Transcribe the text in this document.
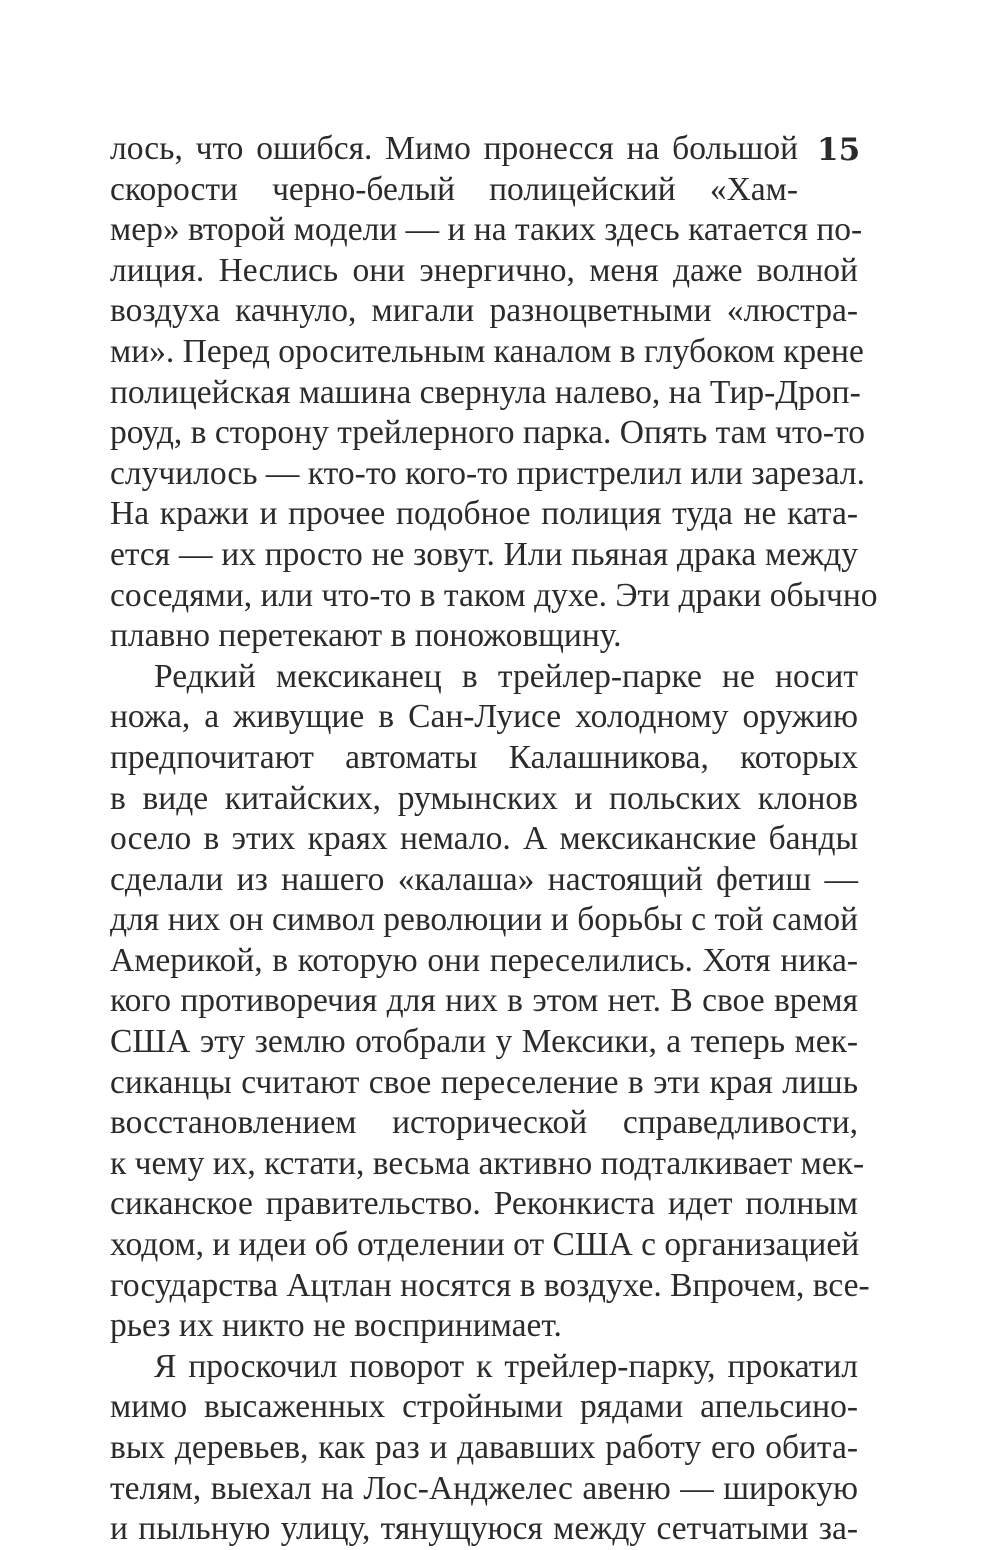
15
лось, что ошибся. Мимо пронесся на большой
скорости черно-белый полицейский «Хам-
мер» второй модели — и на таких здесь катается по-
лиция. Неслись они энергично, меня даже волной
воздуха качнуло, мигали разноцветными «люстра-
ми». Перед оросительным каналом в глубоком крене
полицейская машина свернула налево, на Тир-Дроп-
роуд, в сторону трейлерного парка. Опять там что-то
случилось — кто-то кого-то пристрелил или зарезал.
На кражи и прочее подобное полиция туда не ката-
ется — их просто не зовут. Или пьяная драка между
соседями, или что-то в таком духе. Эти драки обычно
плавно перетекают в поножовщину.
Редкий мексиканец в трейлер-парке не носит
ножа, а живущие в Сан-Луисе холодному оружию
предпочитают автоматы Калашникова, которых
в виде китайских, румынских и польских клонов
осело в этих краях немало. А мексиканские банды
сделали из нашего «калаша» настоящий фетиш —
для них он символ революции и борьбы с той самой
Америкой, в которую они переселились. Хотя ника-
кого противоречия для них в этом нет. В свое время
США эту землю отобрали у Мексики, а теперь мек-
сиканцы считают свое переселение в эти края лишь
восстановлением исторической справедливости,
к чему их, кстати, весьма активно подталкивает мек-
сиканское правительство. Реконкиста идет полным
ходом, и идеи об отделении от США с организацией
государства Ацтлан носятся в воздухе. Впрочем, все-
рьез их никто не воспринимает.
Я проскочил поворот к трейлер-парку, прокатил
мимо высаженных стройными рядами апельсино-
вых деревьев, как раз и дававших работу его обита-
телям, выехал на Лос-Анджелес авеню — широкую
и пыльную улицу, тянущуюся между сетчатыми за-
